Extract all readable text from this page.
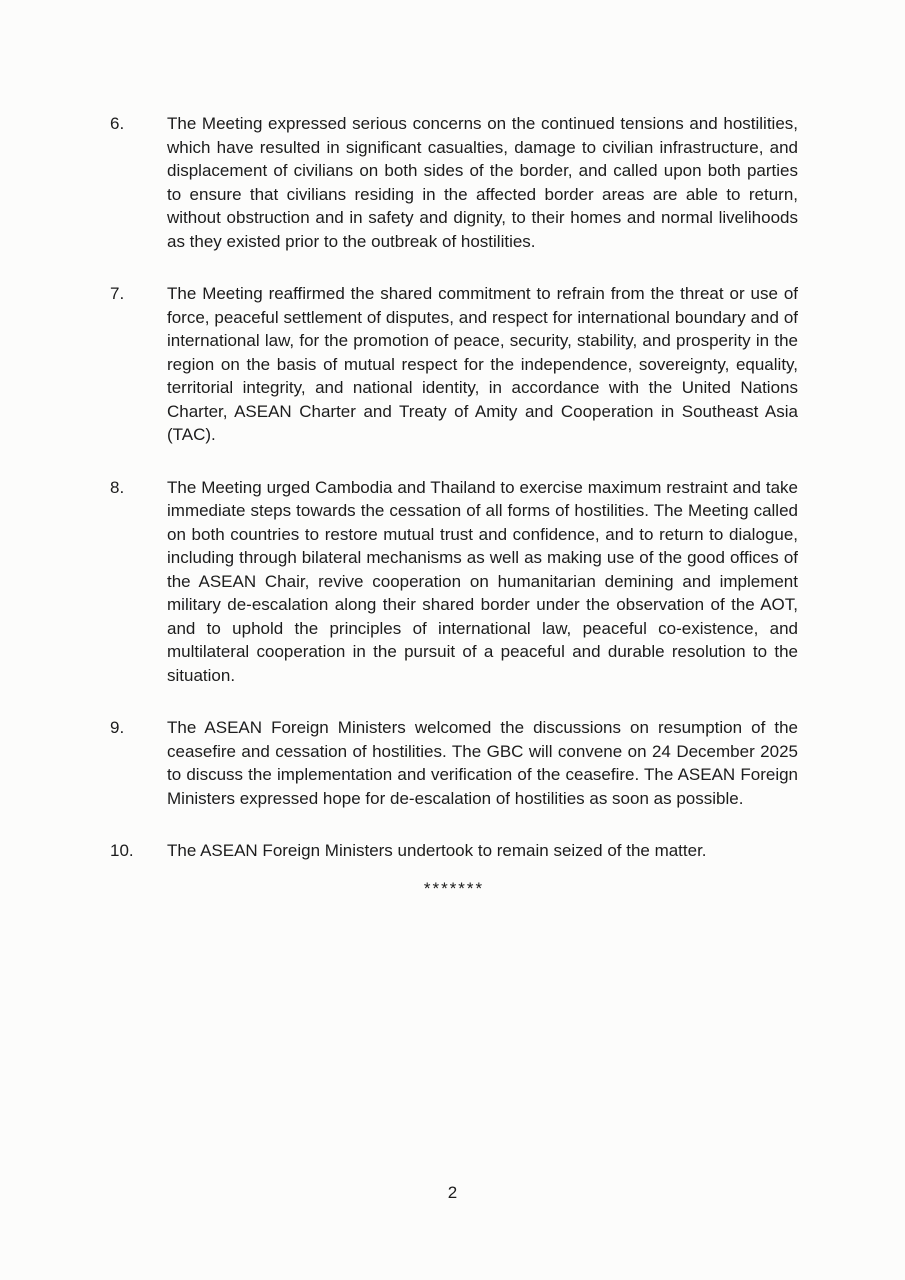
6.	The Meeting expressed serious concerns on the continued tensions and hostilities, which have resulted in significant casualties, damage to civilian infrastructure, and displacement of civilians on both sides of the border, and called upon both parties to ensure that civilians residing in the affected border areas are able to return, without obstruction and in safety and dignity, to their homes and normal livelihoods as they existed prior to the outbreak of hostilities.
7.	The Meeting reaffirmed the shared commitment to refrain from the threat or use of force, peaceful settlement of disputes, and respect for international boundary and of international law, for the promotion of peace, security, stability, and prosperity in the region on the basis of mutual respect for the independence, sovereignty, equality, territorial integrity, and national identity, in accordance with the United Nations Charter, ASEAN Charter and Treaty of Amity and Cooperation in Southeast Asia (TAC).
8.	The Meeting urged Cambodia and Thailand to exercise maximum restraint and take immediate steps towards the cessation of all forms of hostilities. The Meeting called on both countries to restore mutual trust and confidence, and to return to dialogue, including through bilateral mechanisms as well as making use of the good offices of the ASEAN Chair, revive cooperation on humanitarian demining and implement military de-escalation along their shared border under the observation of the AOT, and to uphold the principles of international law, peaceful co-existence, and multilateral cooperation in the pursuit of a peaceful and durable resolution to the situation.
9.	The ASEAN Foreign Ministers welcomed the discussions on resumption of the ceasefire and cessation of hostilities. The GBC will convene on 24 December 2025 to discuss the implementation and verification of the ceasefire. The ASEAN Foreign Ministers expressed hope for de-escalation of hostilities as soon as possible.
10. The ASEAN Foreign Ministers undertook to remain seized of the matter.
*******
2
